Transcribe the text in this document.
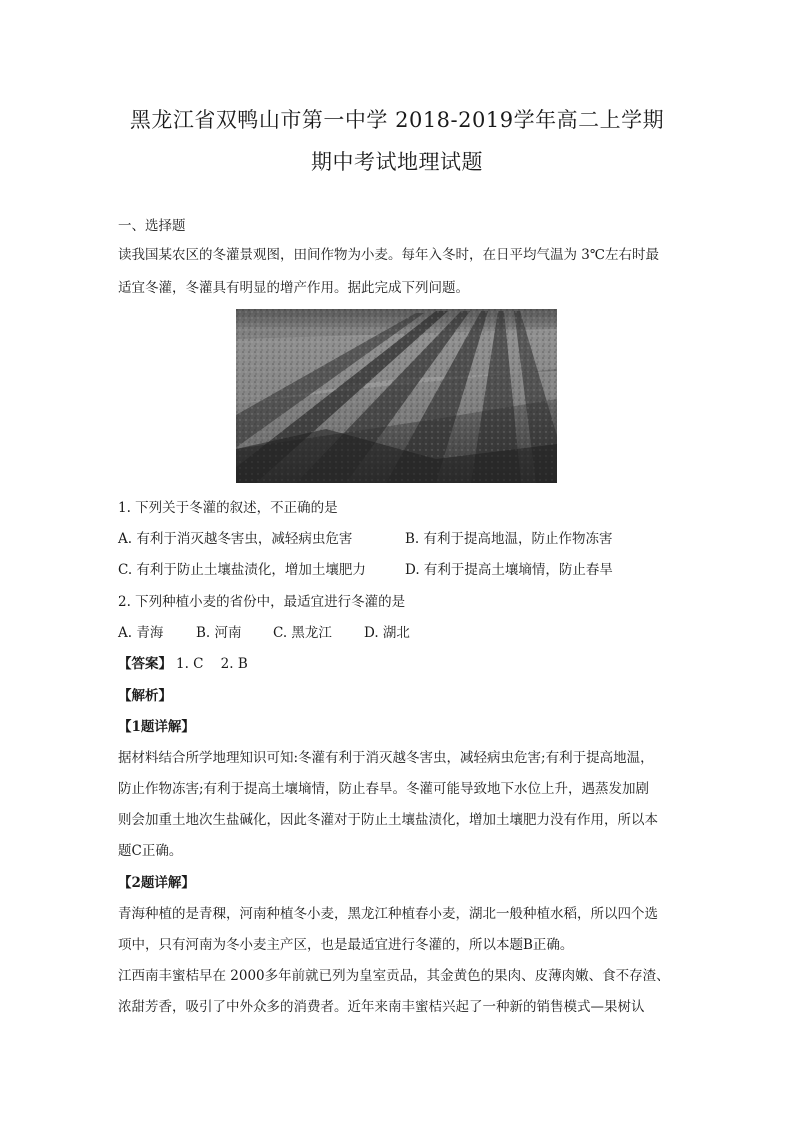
黑龙江省双鸭山市第一中学 2018-2019学年高二上学期
期中考试地理试题
一、选择题
读我国某农区的冬灌景观图，田间作物为小麦。每年入冬时，在日平均气温为 3℃左右时最
适宜冬灌，冬灌具有明显的增产作用。据此完成下列问题。
1. 下列关于冬灌的叙述，不正确的是
A. 有利于消灭越冬害虫，减轻病虫危害	B. 有利于提高地温，防止作物冻害
C. 有利于防止土壤盐渍化，增加土壤肥力	D. 有利于提高土壤墒情，防止春旱
2. 下列种植小麦的省份中，最适宜进行冬灌的是
A. 青海 B. 河南 C. 黑龙江 D. 湖北
【答案】 1. C    2. B
【解析】
【1题详解】
据材料结合所学地理知识可知:冬灌有利于消灭越冬害虫，减轻病虫危害;有利于提高地温，
防止作物冻害;有利于提高土壤墒情，防止春旱。冬灌可能导致地下水位上升，遇蒸发加剧
则会加重土地次生盐碱化，因此冬灌对于防止土壤盐渍化，增加土壤肥力没有作用，所以本
题C正确。
【2题详解】
青海种植的是青稞，河南种植冬小麦，黑龙江种植春小麦，湖北一般种植水稻，所以四个选
项中，只有河南为冬小麦主产区，也是最适宜进行冬灌的，所以本题B正确。
江西南丰蜜桔早在 2000多年前就已列为皇室贡品，其金黄色的果肉、皮薄肉嫩、食不存渣、
浓甜芳香，吸引了中外众多的消费者。近年来南丰蜜桔兴起了一种新的销售模式—果树认
